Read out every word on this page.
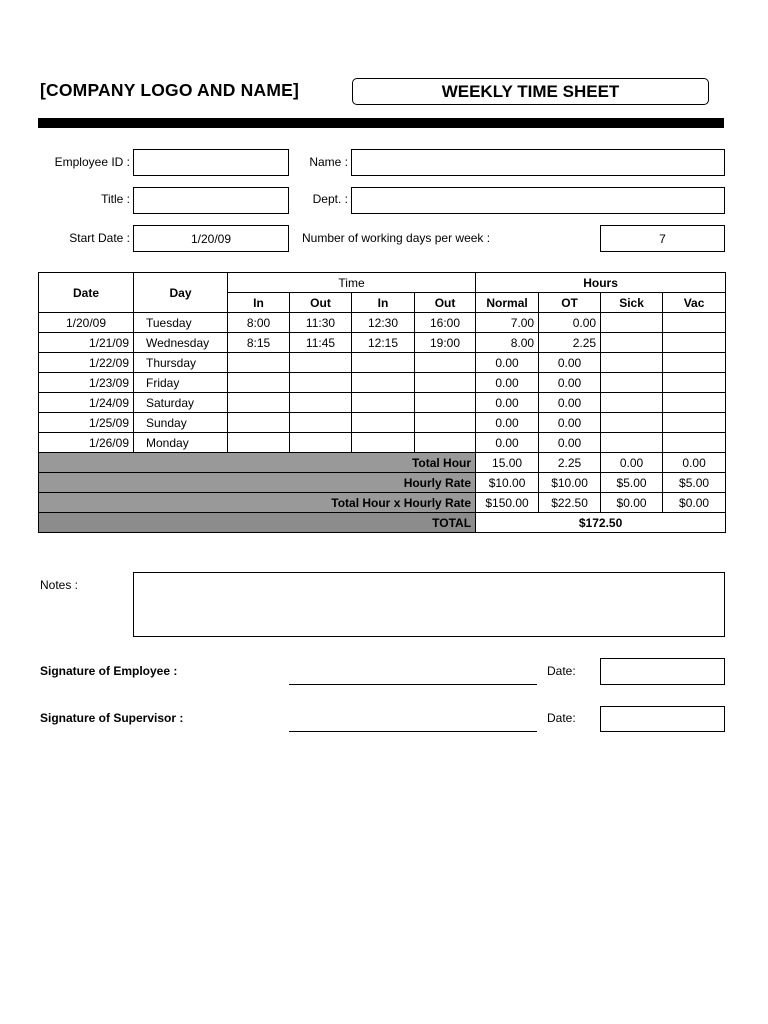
[COMPANY LOGO AND NAME]	WEEKLY TIME SHEET
Employee ID :	Name :
Title :	Dept. :
Start Date :	1/20/09	Number of working days per week :	7
Date	Day	Time				Hours			
		In	Out	In	Out	Normal	OT	Sick	Vac
1/20/09	Tuesday	8:00	11:30	12:30	16:00	7.00	0.00		
1/21/09	Wednesday	8:15	11:45	12:15	19:00	8.00	2.25		
1/22/09	Thursday					0.00	0.00		
1/23/09	Friday					0.00	0.00		
1/24/09	Saturday					0.00	0.00		
1/25/09	Sunday					0.00	0.00		
1/26/09	Monday					0.00	0.00		
Total Hour						15.00	2.25	0.00	0.00
Hourly Rate						$10.00	$10.00	$5.00	$5.00
Total Hour x Hourly Rate						$150.00	$22.50	$0.00	$0.00
TOTAL						$172.50			
Notes :
Signature of Employee :	Date:
Signature of Supervisor :	Date:
